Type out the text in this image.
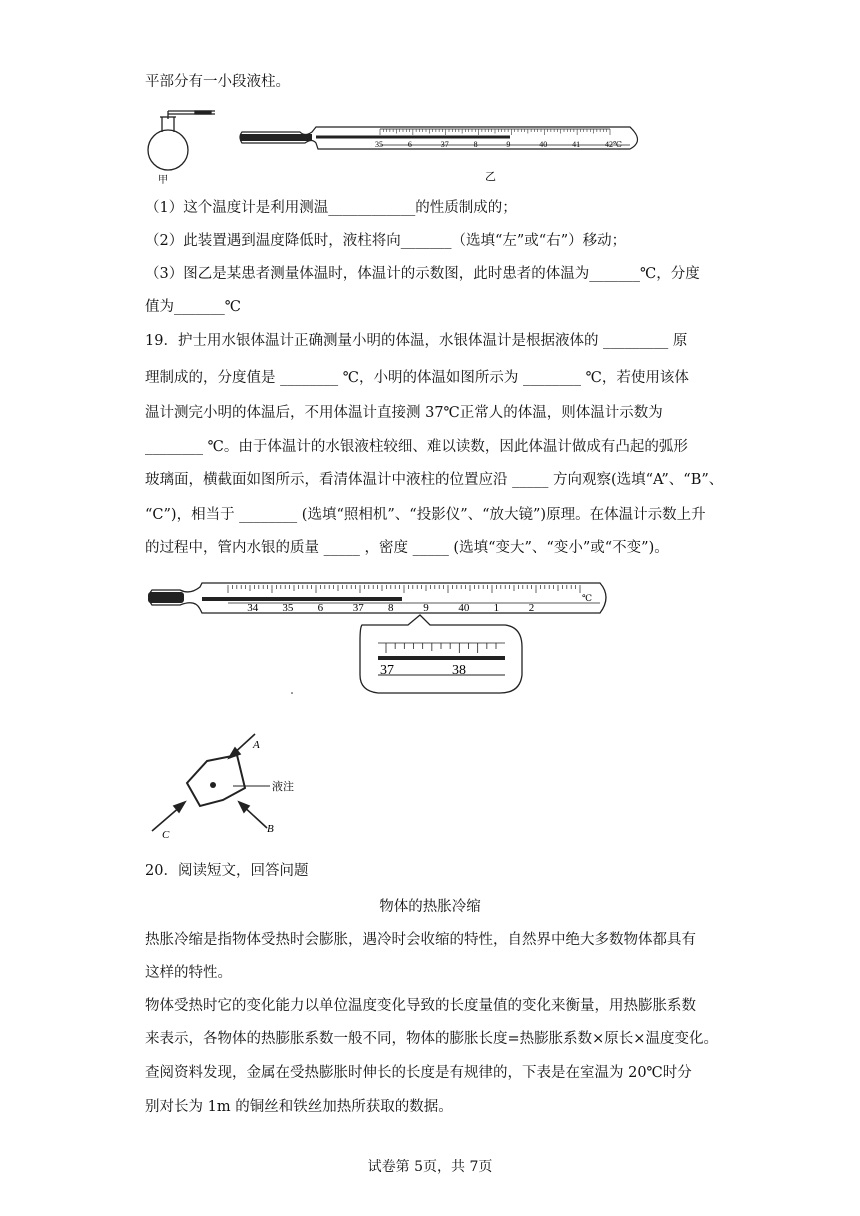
平部分有一小段液柱。
甲
35	6	37	8	9	40	41	42℃
乙
（1）这个温度计是利用测温____________的性质制成的；
（2）此装置遇到温度降低时，液柱将向_______（选填“左”或“右”）移动；
（3）图乙是某患者测量体温时，体温计的示数图，此时患者的体温为_______℃，分度
值为_______℃
19．护士用水银体温计正确测量小明的体温，水银体温计是根据液体的 _________ 原
理制成的，分度值是 ________ ℃，小明的体温如图所示为 ________ ℃，若使用该体
温计测完小明的体温后，不用体温计直接测 37℃正常人的体温，则体温计示数为
________ ℃。由于体温计的水银液柱较细、难以读数，因此体温计做成有凸起的弧形
玻璃面，横截面如图所示，看清体温计中液柱的位置应沿 _____ 方向观察(选填“A”、“B”、
“C”)，相当于 ________ (选填“照相机”、“投影仪”、“放大镜”)原理。在体温计示数上升
的过程中，管内水银的质量 _____ ，密度 _____ (选填“变大”、“变小”或“不变”)。
34 35 6	37 8	9	40 1	2
℃
37	38
A
液注
B
C
20．阅读短文，回答问题
物体的热胀冷缩
热胀冷缩是指物体受热时会膨胀，遇冷时会收缩的特性，自然界中绝大多数物体都具有
这样的特性。
物体受热时它的变化能力以单位温度变化导致的长度量值的变化来衡量，用热膨胀系数
来表示，各物体的热膨胀系数一般不同，物体的膨胀长度=热膨胀系数×原长×温度变化。
查阅资料发现，金属在受热膨胀时伸长的长度是有规律的，下表是在室温为 20℃时分
别对长为 1m 的铜丝和铁丝加热所获取的数据。
试卷第 5页，共 7页
